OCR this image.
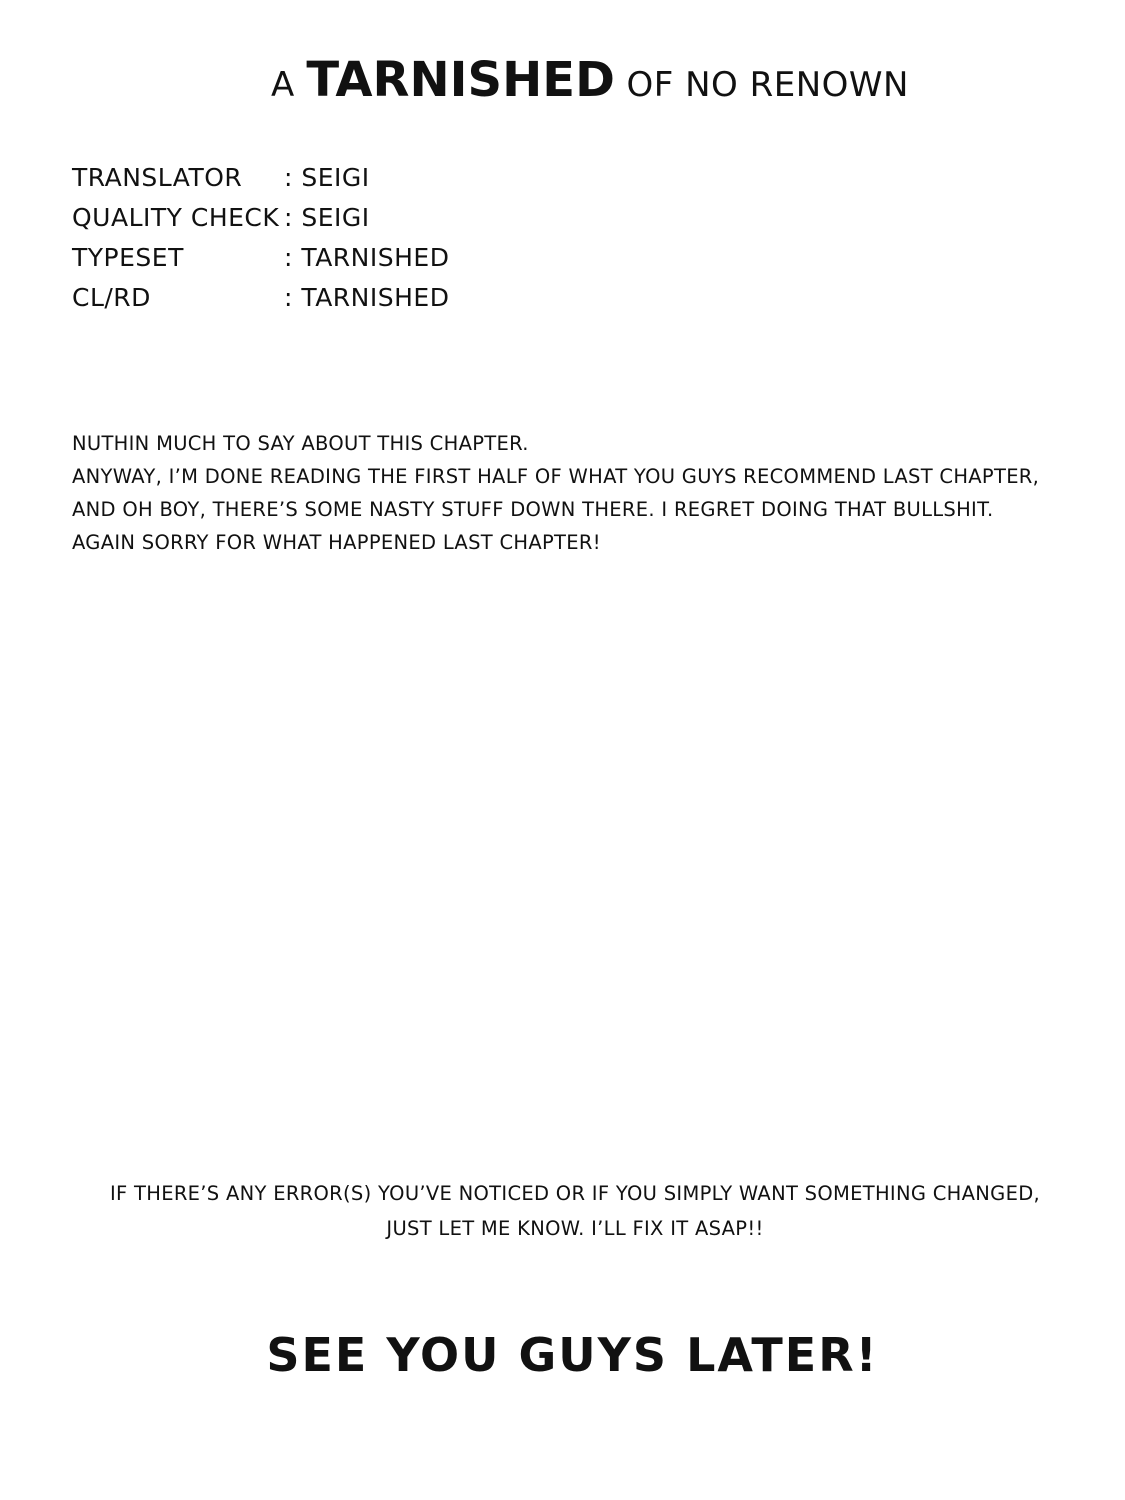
A TARNISHED OF NO RENOWN
TRANSLATOR	: SEIGI
QUALITY CHECK : SEIGI
TYPESET	: TARNISHED
CL/RD	: TARNISHED

NUTHIN MUCH TO SAY ABOUT THIS CHAPTER.

ANYWAY, I’M DONE READING THE FIRST HALF OF WHAT YOU GUYS RECOMMEND LAST CHAPTER,

AND OH BOY, THERE’S SOME NASTY STUFF DOWN THERE. I REGRET DOING THAT BULLSHIT.

AGAIN SORRY FOR WHAT HAPPENED LAST CHAPTER!

IF THERE’S ANY ERROR(S) YOU’VE NOTICED OR IF YOU SIMPLY WANT SOMETHING CHANGED,

JUST LET ME KNOW. I’LL FIX IT ASAP!!

SEE YOU GUYS LATER!
